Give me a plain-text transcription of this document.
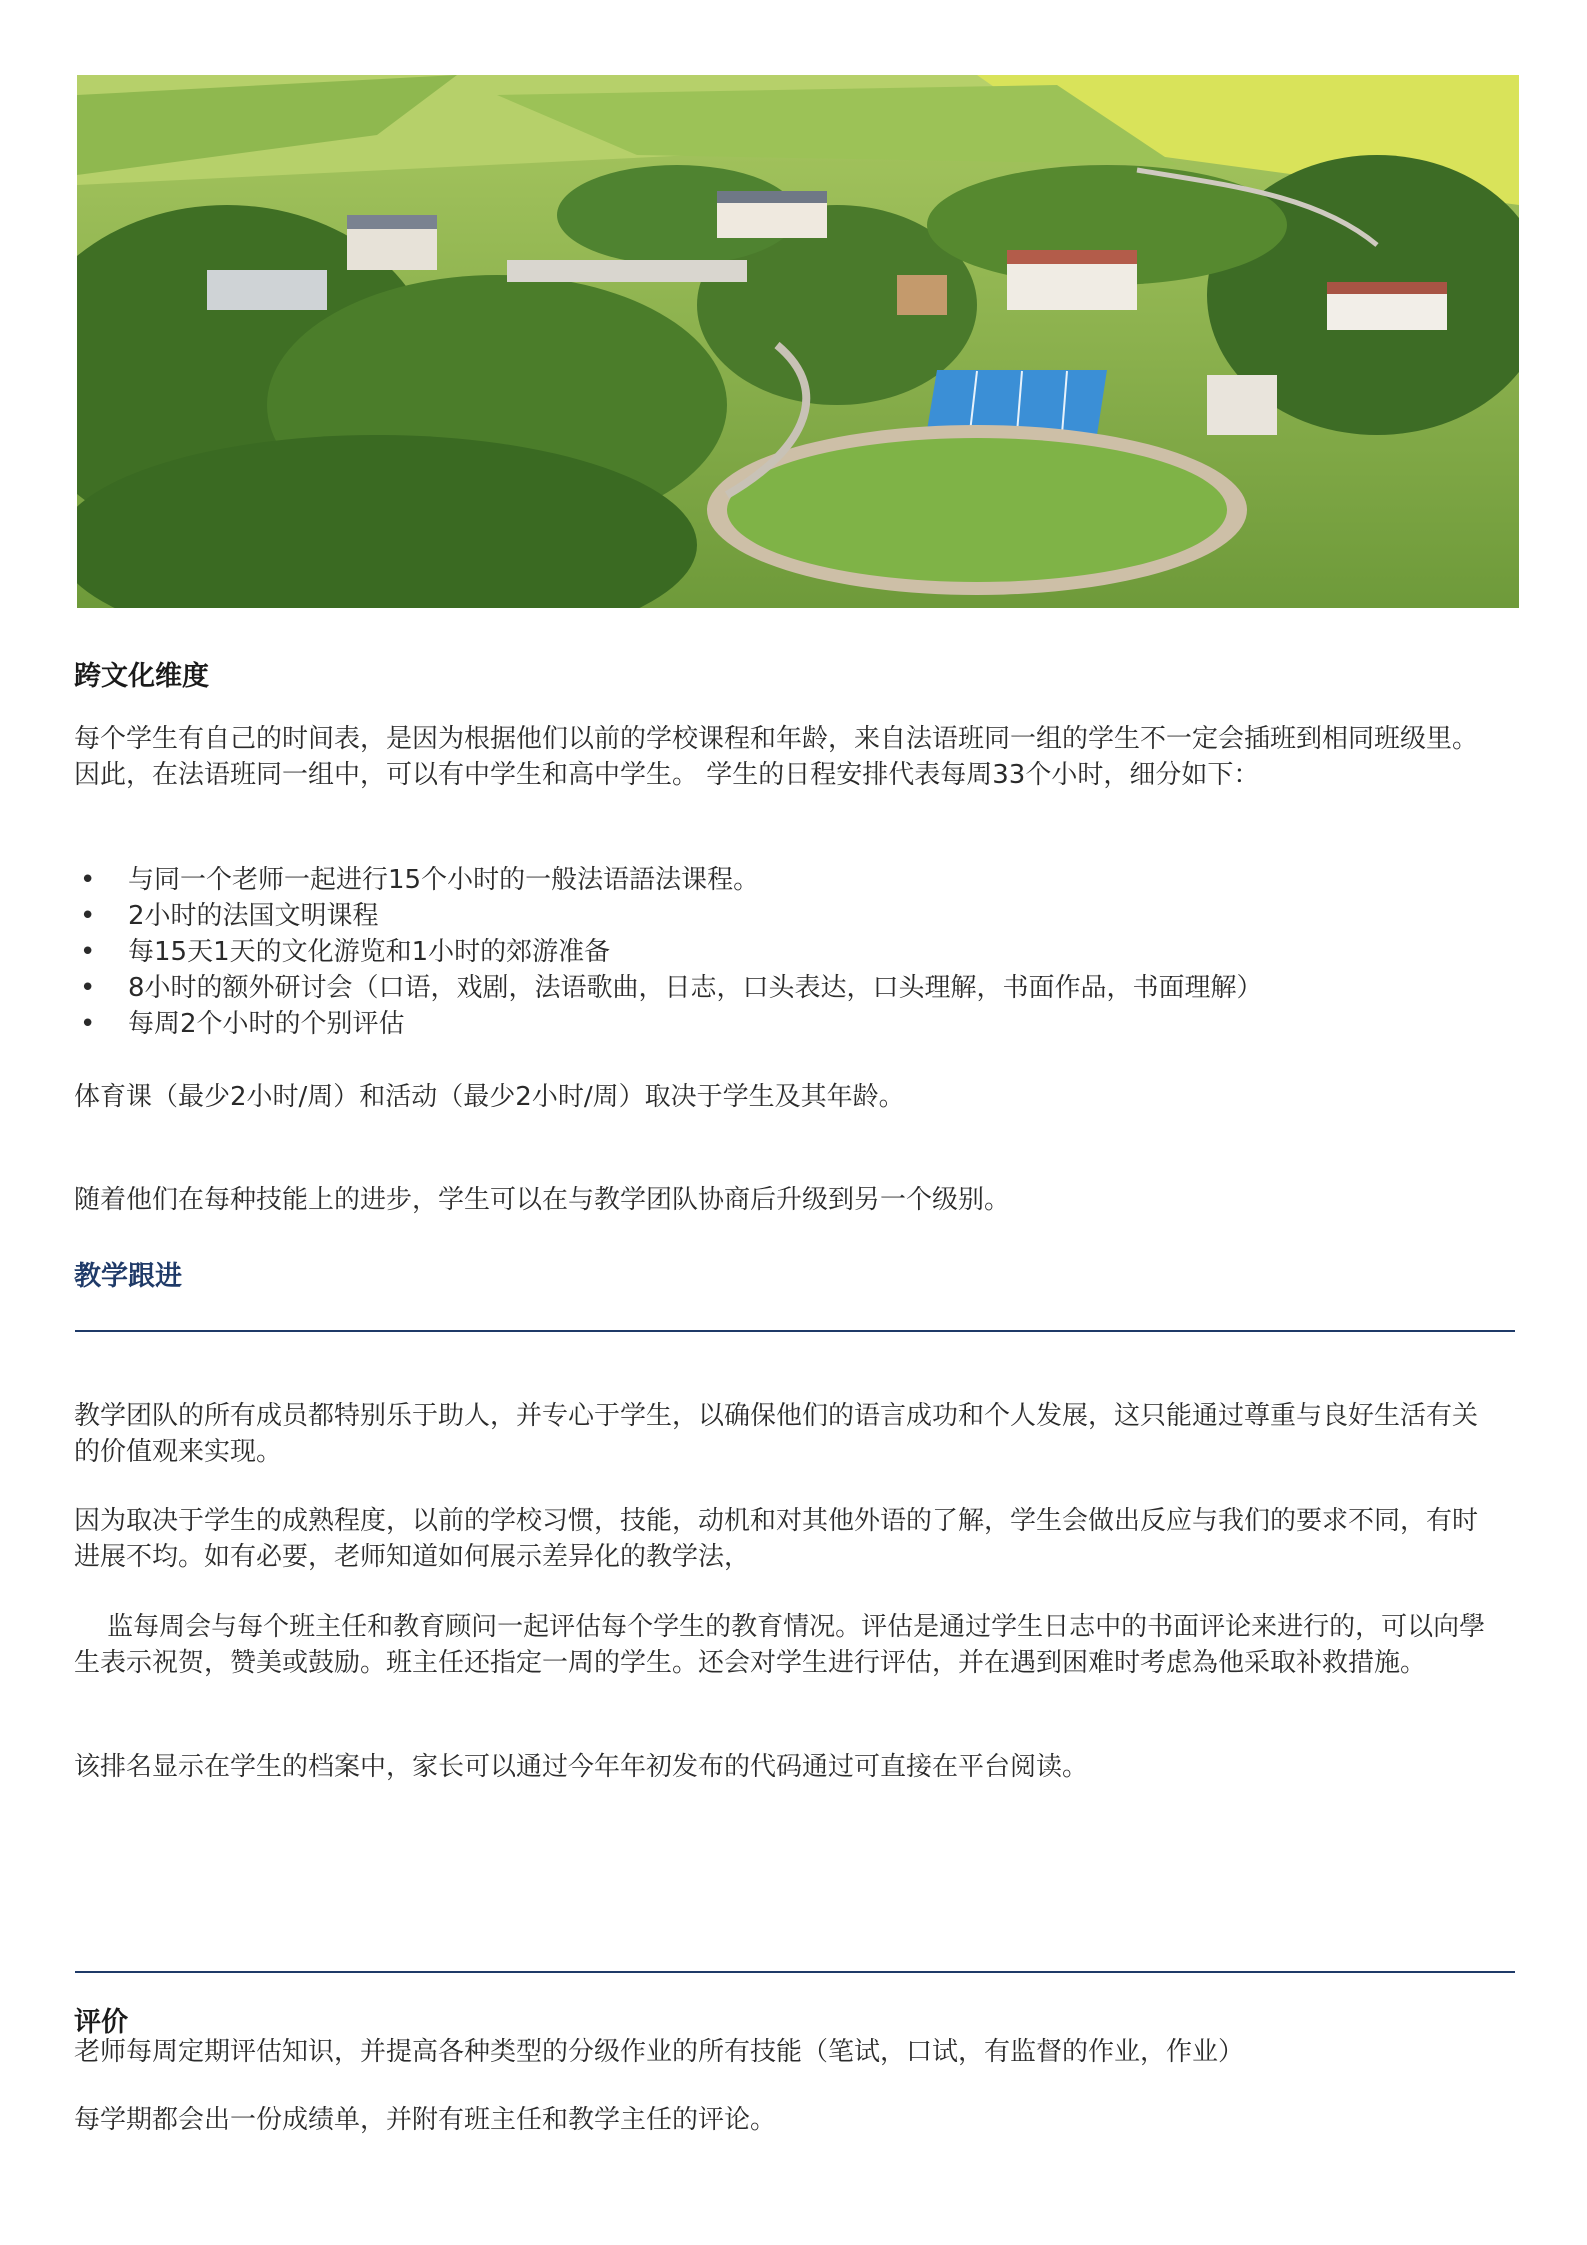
跨文化维度
每个学生有自己的时间表，是因为根据他们以前的学校课程和年龄，来自法语班同一组的学生不一定会插班到相同班级里。因此，在法语班同一组中，可以有中学生和高中学生。 学生的日程安排代表每周33个小时，细分如下：
• 与同一个老师一起进行15个小时的一般法语語法课程。
• 2小时的法国文明课程
• 每15天1天的文化游览和1小时的郊游准备
• 8小时的额外研讨会（口语，戏剧，法语歌曲，日志，口头表达，口头理解，书面作品，书面理解）
• 每周2个小时的个别评估
体育课（最少2小时/周）和活动（最少2小时/周）取决于学生及其年龄。
随着他们在每种技能上的进步，学生可以在与教学团队协商后升级到另一个级别。
教学跟进
教学团队的所有成员都特别乐于助人，并专心于学生，以确保他们的语言成功和个人发展，这只能通过尊重与良好生活有关的价值观来实现。
因为取决于学生的成熟程度，以前的学校习惯，技能，动机和对其他外语的了解，学生会做出反应与我们的要求不同，有时进展不均。如有必要，老师知道如何展示差异化的教学法，
监每周会与每个班主任和教育顾问一起评估每个学生的教育情况。评估是通过学生日志中的书面评论来进行的，可以向學生表示祝贺，赞美或鼓励。班主任还指定一周的学生。还会对学生进行评估，并在遇到困难时考虑為他采取补救措施。
该排名显示在学生的档案中，家长可以通过今年年初发布的代码通过可直接在平台阅读。
评价
老师每周定期评估知识，并提高各种类型的分级作业的所有技能（笔试，口试，有监督的作业，作业）
每学期都会出一份成绩单，并附有班主任和教学主任的评论。
